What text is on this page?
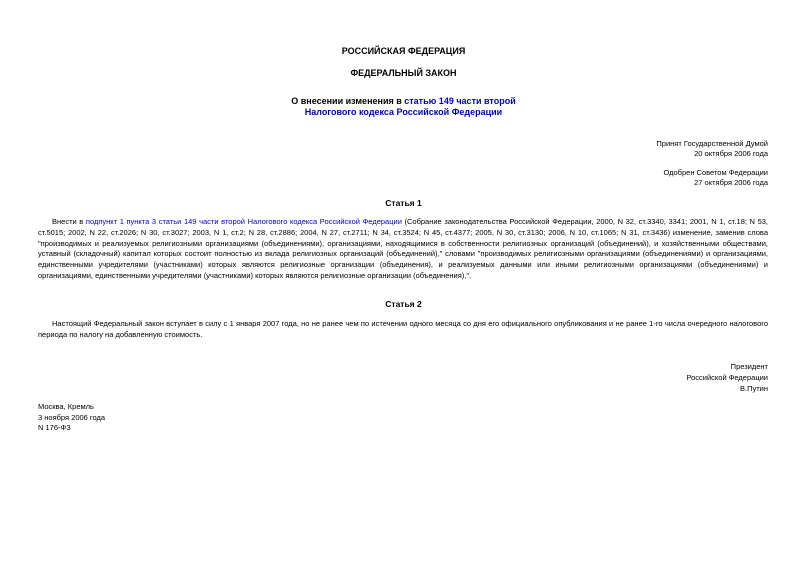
РОССИЙСКАЯ ФЕДЕРАЦИЯ
ФЕДЕРАЛЬНЫЙ ЗАКОН
О внесении изменения в статью 149 части второй
Налогового кодекса Российской Федерации
Принят Государственной Думой
20 октября 2006 года
Одобрен Советом Федерации
27 октября 2006 года
Статья 1
Внести в подпункт 1 пункта 3 статьи 149 части второй Налогового кодекса Российской Федерации (Собрание законодательства Российской Федерации, 2000, N 32, ст.3340, 3341; 2001, N 1, ст.18; N 53, ст.5015; 2002, N 22, ст.2026; N 30, ст.3027; 2003, N 1, ст.2; N 28, ст.2886; 2004, N 27, ст.2711; N 34, ст.3524; N 45, ст.4377; 2005, N 30, ст.3130; 2006, N 10, ст.1065; N 31, ст.3436) изменение, заменив слова "производимых и реализуемых религиозными организациями (объединениями), организациями, находящимися в собственности религиозных организаций (объединений), и хозяйственными обществами, уставный (складочный) капитал которых состоит полностью из вклада религиозных организаций (объединений)," словами "производимых религиозными организациями (объединениями) и организациями, единственными учредителями (участниками) которых являются религиозные организации (объединения), и реализуемых данными или иными религиозными организациями (объединениями) и организациями, единственными учредителями (участниками) которых являются религиозные организации (объединения),".
Статья 2
Настоящий Федеральный закон вступает в силу с 1 января 2007 года, но не ранее чем по истечении одного месяца со дня его официального опубликования и не ранее 1-го числа очередного налогового периода по налогу на добавленную стоимость.
Президент
Российской Федерации
В.Путин
Москва, Кремль
3 ноября 2006 года
N 176-ФЗ
